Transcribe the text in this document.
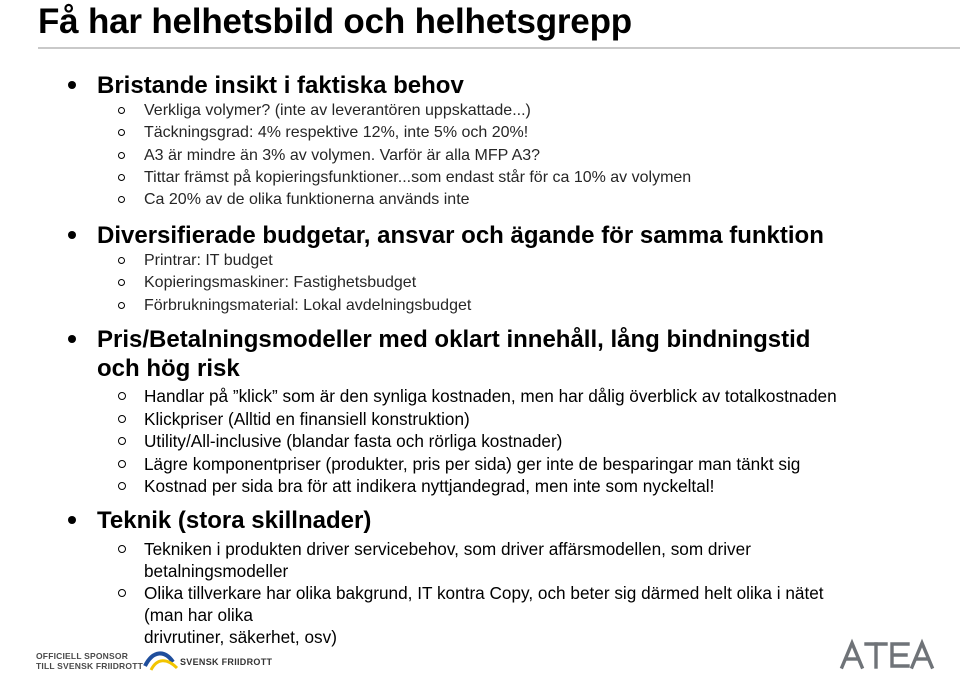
Få har helhetsbild och helhetsgrepp
Bristande insikt i faktiska behov
Verkliga volymer? (inte av leverantören uppskattade...)
Täckningsgrad: 4% respektive 12%, inte 5% och 20%!
A3 är mindre än 3% av volymen. Varför är alla MFP A3?
Tittar främst på kopieringsfunktioner...som endast står för ca 10% av volymen
Ca 20% av de olika funktionerna används inte
Diversifierade budgetar, ansvar och ägande för samma funktion
Printrar: IT budget
Kopieringsmaskiner: Fastighetsbudget
Förbrukningsmaterial: Lokal avdelningsbudget
Pris/Betalningsmodeller med oklart innehåll, lång bindningstid
och hög risk
Handlar på ”klick” som är den synliga kostnaden, men har dålig överblick av totalkostnaden
Klickpriser (Alltid en finansiell konstruktion)
Utility/All-inclusive (blandar fasta och rörliga kostnader)
Lägre komponentpriser (produkter, pris per sida) ger inte de besparingar man tänkt sig
Kostnad per sida bra för att indikera nyttjandegrad, men inte som nyckeltal!
Teknik (stora skillnader)
Tekniken i produkten driver servicebehov, som driver affärsmodellen, som driver
betalningsmodeller
Olika tillverkare har olika bakgrund, IT kontra Copy, och beter sig därmed helt olika i nätet
(man har olika
drivrutiner, säkerhet, osv)
OFFICIELL SPONSOR
TILL SVENSK FRIIDROTT	SVENSK FRIIDROTT
